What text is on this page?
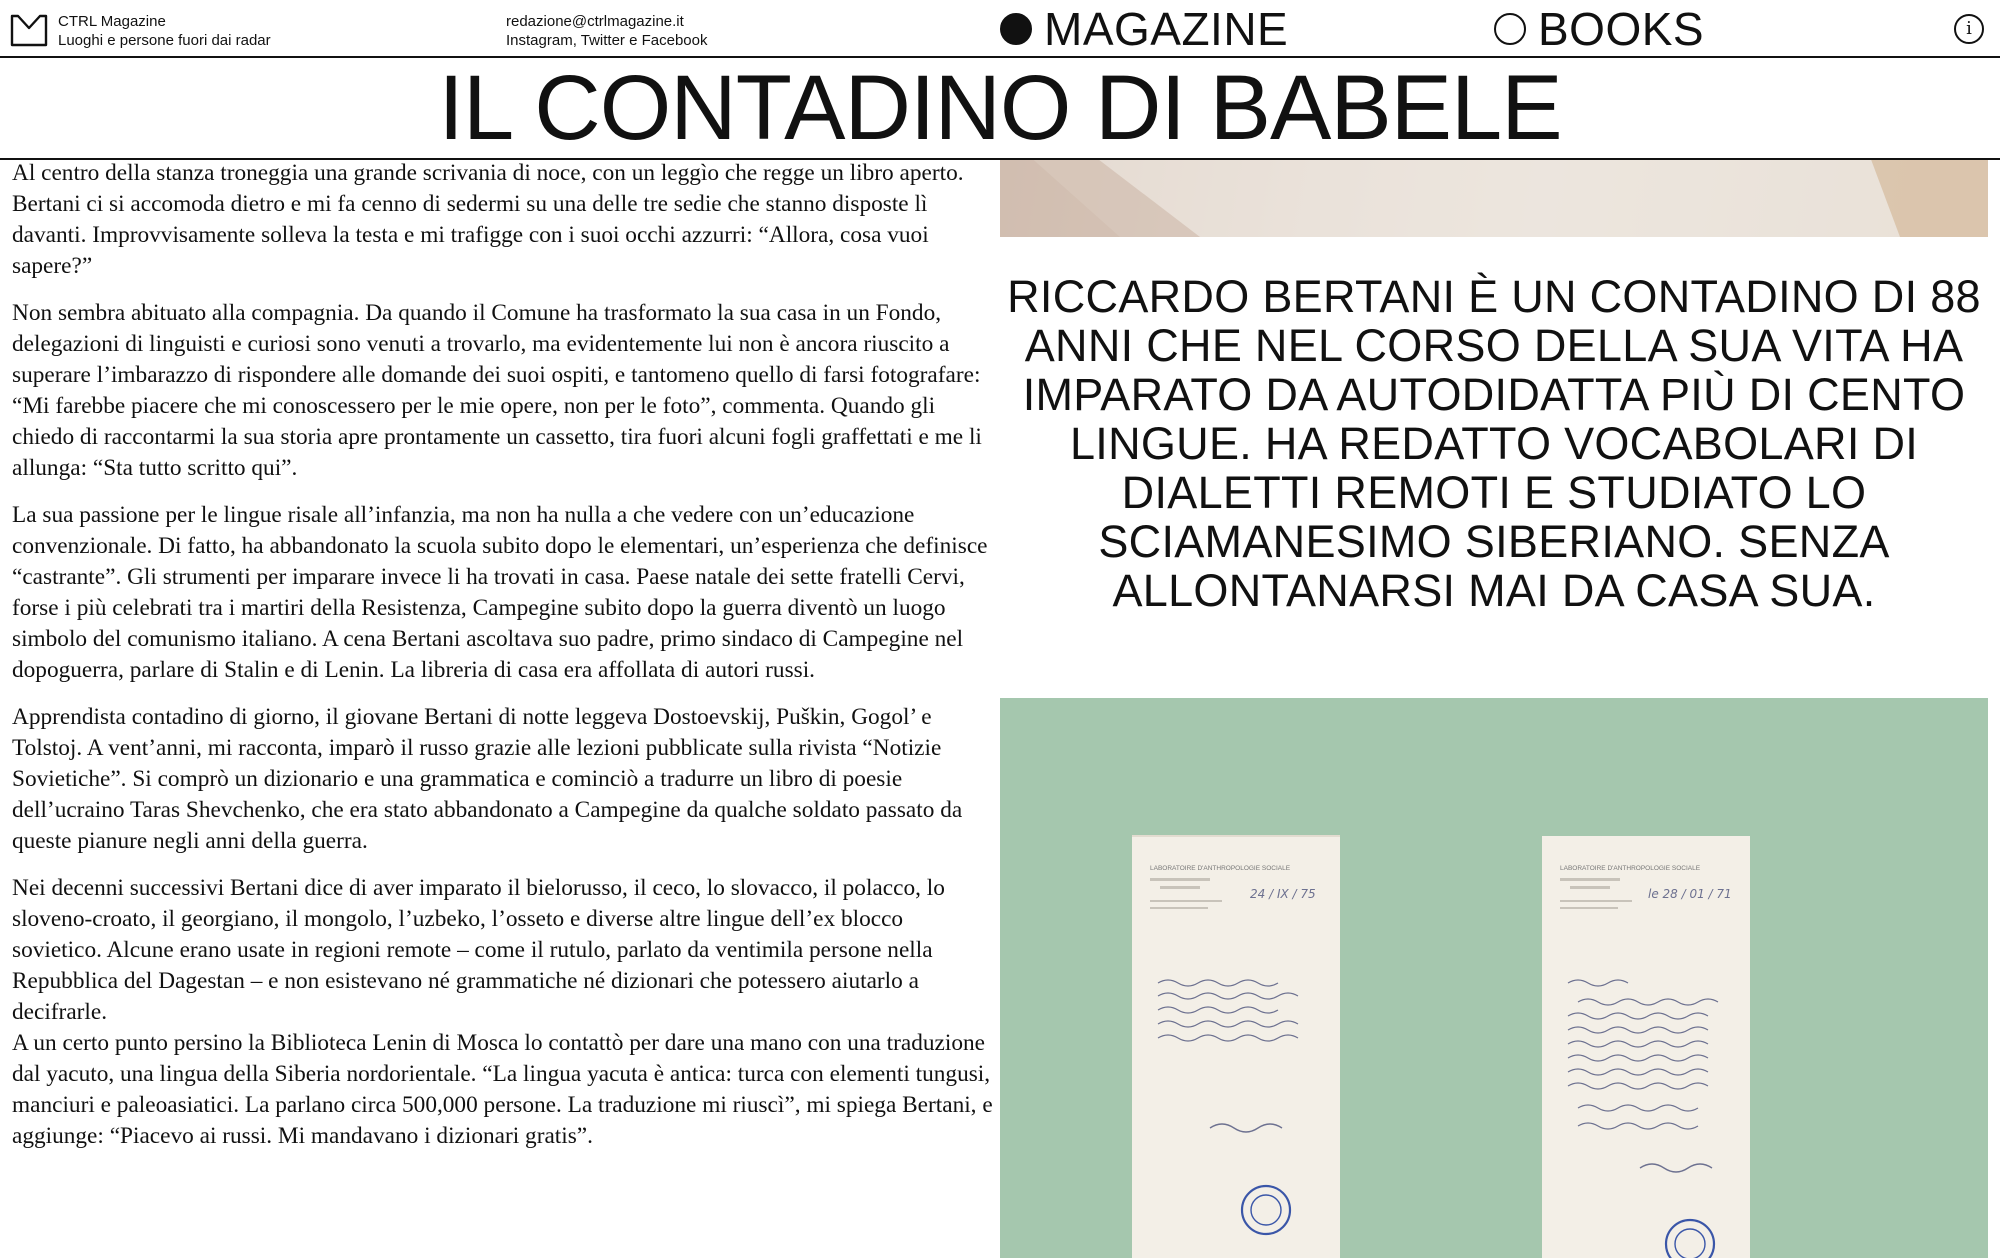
CTRL Magazine
Luoghi e persone fuori dai radar
redazione@ctrlmagazine.it
Instagram, Twitter e Facebook	MAGAZINE	BOOKS	i
IL CONTADINO DI BABELE

Al centro della stanza troneggia una grande scrivania di noce, con un leggìo che regge un libro aperto. Bertani ci si accomoda dietro e mi fa cenno di sedermi su una delle tre sedie che stanno disposte lì davanti. Improvvisamente solleva la testa e mi trafigge con i suoi occhi azzurri: “Allora, cosa vuoi sapere?”

Non sembra abituato alla compagnia. Da quando il Comune ha trasformato la sua casa in un Fondo, delegazioni di linguisti e curiosi sono venuti a trovarlo, ma evidentemente lui non è ancora riuscito a superare l’imbarazzo di rispondere alle domande dei suoi ospiti, e tantomeno quello di farsi fotografare: “Mi farebbe piacere che mi conoscessero per le mie opere, non per le foto”, commenta. Quando gli chiedo di raccontarmi la sua storia apre prontamente un cassetto, tira fuori alcuni fogli graffettati e me li allunga: “Sta tutto scritto qui”.

La sua passione per le lingue risale all’infanzia, ma non ha nulla a che vedere con un’educazione convenzionale. Di fatto, ha abbandonato la scuola subito dopo le elementari, un’esperienza che definisce “castrante”. Gli strumenti per imparare invece li ha trovati in casa. Paese natale dei sette fratelli Cervi, forse i più celebrati tra i martiri della Resistenza, Campegine subito dopo la guerra diventò un luogo simbolo del comunismo italiano. A cena Bertani ascoltava suo padre, primo sindaco di Campegine nel dopoguerra, parlare di Stalin e di Lenin. La libreria di casa era affollata di autori russi.

Apprendista contadino di giorno, il giovane Bertani di notte leggeva Dostoevskij, Puškin, Gogol’ e Tolstoj. A vent’anni, mi racconta, imparò il russo grazie alle lezioni pubblicate sulla rivista “Notizie Sovietiche”. Si comprò un dizionario e una grammatica e cominciò a tradurre un libro di poesie dell’ucraino Taras Shevchenko, che era stato abbandonato a Campegine da qualche soldato passato da queste pianure negli anni della guerra.

Nei decenni successivi Bertani dice di aver imparato il bielorusso, il ceco, lo slovacco, il polacco, lo sloveno-croato, il georgiano, il mongolo, l’uzbeko, l’osseto e diverse altre lingue dell’ex blocco sovietico. Alcune erano usate in regioni remote – come il rutulo, parlato da ventimila persone nella Repubblica del Dagestan – e non esistevano né grammatiche né dizionari che potessero aiutarlo a decifrarle.

A un certo punto persino la Biblioteca Lenin di Mosca lo contattò per dare una mano con una traduzione dal yacuto, una lingua della Siberia nordorientale. “La lingua yacuta è antica: turca con elementi tungusi, manciuri e paleoasiatici. La parlano circa 500,000 persone. La traduzione mi riuscì”, mi spiega Bertani, e aggiunge: “Piacevo ai russi. Mi mandavano i dizionari gratis”.

RICCARDO BERTANI È UN CONTADINO DI 88 ANNI CHE NEL CORSO DELLA SUA VITA HA IMPARATO DA AUTODIDATTA PIÙ DI CENTO LINGUE. HA REDATTO VOCABOLARI DI DIALETTI REMOTI E STUDIATO LO SCIAMANESIMO SIBERIANO. SENZA ALLONTANARSI MAI DA CASA SUA.
LABORATOIRE D'ANTHROPOLOGIE SOCIALE
24 / IX / 75
LABORATOIRE D'ANTHROPOLOGIE SOCIALE
le 28 / 01 / 71
